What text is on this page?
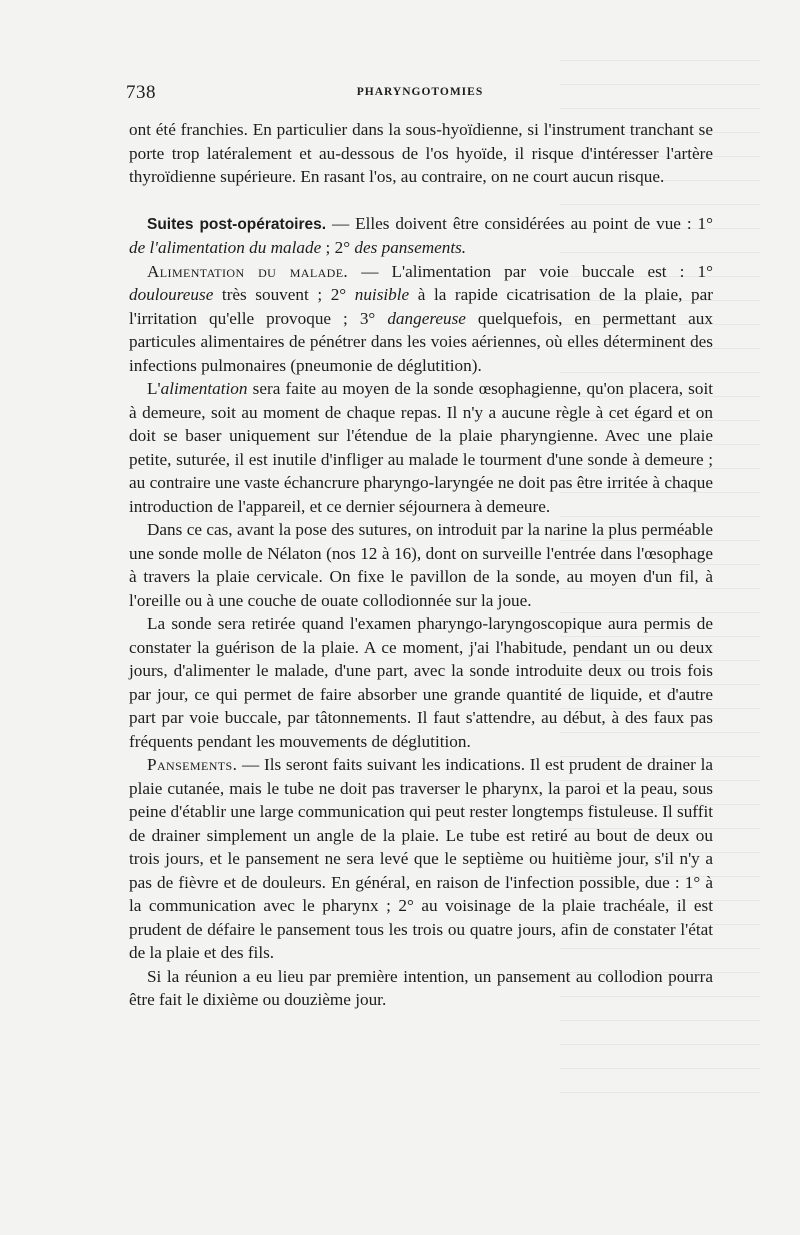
738	PHARYNGOTOMIES

ont été franchies. En particulier dans la sous-hyoïdienne, si l'instrument tranchant se porte trop latéralement et au-dessous de l'os hyoïde, il risque d'intéresser l'artère thyroïdienne supérieure. En rasant l'os, au contraire, on ne court aucun risque.

Suites post-opératoires. — Elles doivent être considérées au point de vue : 1° de l'alimentation du malade ; 2° des pansements.

Alimentation du malade. — L'alimentation par voie buccale est : 1° douloureuse très souvent ; 2° nuisible à la rapide cicatrisation de la plaie, par l'irritation qu'elle provoque ; 3° dangereuse quelquefois, en permettant aux particules alimentaires de pénétrer dans les voies aériennes, où elles déterminent des infections pulmonaires (pneumonie de déglutition).

L'alimentation sera faite au moyen de la sonde œsophagienne, qu'on placera, soit à demeure, soit au moment de chaque repas. Il n'y a aucune règle à cet égard et on doit se baser uniquement sur l'étendue de la plaie pharyngienne. Avec une plaie petite, suturée, il est inutile d'infliger au malade le tourment d'une sonde à demeure ; au contraire une vaste échancrure pharyngo-laryngée ne doit pas être irritée à chaque introduction de l'appareil, et ce dernier séjournera à demeure.

Dans ce cas, avant la pose des sutures, on introduit par la narine la plus perméable une sonde molle de Nélaton (nos 12 à 16), dont on surveille l'entrée dans l'œsophage à travers la plaie cervicale. On fixe le pavillon de la sonde, au moyen d'un fil, à l'oreille ou à une couche de ouate collodionnée sur la joue.

La sonde sera retirée quand l'examen pharyngo-laryngoscopique aura permis de constater la guérison de la plaie. A ce moment, j'ai l'habitude, pendant un ou deux jours, d'alimenter le malade, d'une part, avec la sonde introduite deux ou trois fois par jour, ce qui permet de faire absorber une grande quantité de liquide, et d'autre part par voie buccale, par tâtonnements. Il faut s'attendre, au début, à des faux pas fréquents pendant les mouvements de déglutition.

Pansements. — Ils seront faits suivant les indications. Il est prudent de drainer la plaie cutanée, mais le tube ne doit pas traverser le pharynx, la paroi et la peau, sous peine d'établir une large communication qui peut rester longtemps fistuleuse. Il suffit de drainer simplement un angle de la plaie. Le tube est retiré au bout de deux ou trois jours, et le pansement ne sera levé que le septième ou huitième jour, s'il n'y a pas de fièvre et de douleurs. En général, en raison de l'infection possible, due : 1° à la communication avec le pharynx ; 2° au voisinage de la plaie trachéale, il est prudent de défaire le pansement tous les trois ou quatre jours, afin de constater l'état de la plaie et des fils.

Si la réunion a eu lieu par première intention, un pansement au collodion pourra être fait le dixième ou douzième jour.
